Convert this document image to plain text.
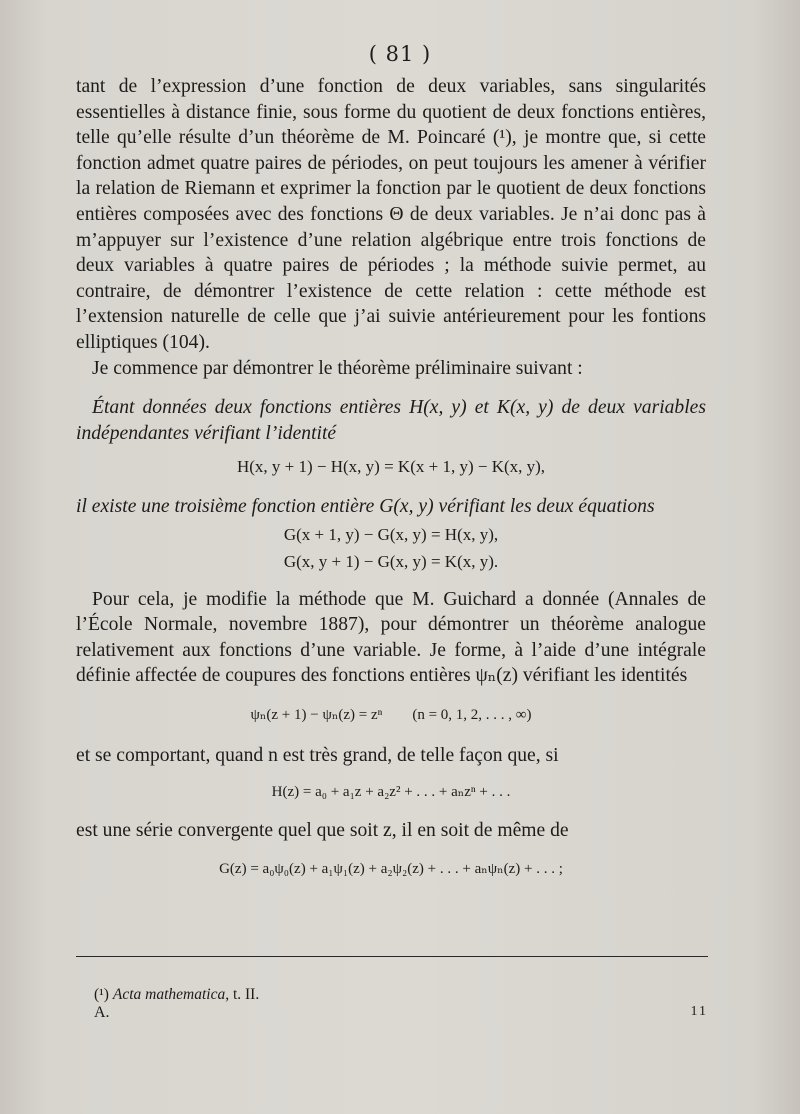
( 81 )

tant de l’expression d’une fonction de deux variables, sans singularités essentielles à distance finie, sous forme du quotient de deux fonctions entières, telle qu’elle résulte d’un théorème de M. Poincaré (¹), je montre que, si cette fonction admet quatre paires de périodes, on peut toujours les amener à vérifier la relation de Riemann et exprimer la fonction par le quotient de deux fonctions entières composées avec des fonctions Θ de deux variables. Je n’ai donc pas à m’appuyer sur l’existence d’une relation algébrique entre trois fonctions de deux variables à quatre paires de périodes ; la méthode suivie permet, au contraire, de démontrer l’existence de cette relation : cette méthode est l’extension naturelle de celle que j’ai suivie antérieurement pour les fontions elliptiques (104).

Je commence par démontrer le théorème préliminaire suivant :

Étant données deux fonctions entières H(x, y) et K(x, y) de deux variables indépendantes vérifiant l’identité

H(x, y + 1) − H(x, y) = K(x + 1, y) − K(x, y),

il existe une troisième fonction entière G(x, y) vérifiant les deux équations

G(x + 1, y) − G(x, y) = H(x, y),
G(x, y + 1) − G(x, y) = K(x, y).

Pour cela, je modifie la méthode que M. Guichard a donnée (Annales de l’École Normale, novembre 1887), pour démontrer un théorème analogue relativement aux fonctions d’une variable. Je forme, à l’aide d’une intégrale définie affectée de coupures des fonctions entières ψₙ(z) vérifiant les identités

ψₙ(z + 1) − ψₙ(z) = zⁿ        (n = 0, 1, 2, . . . , ∞)

et se comportant, quand n est très grand, de telle façon que, si

H(z) = a₀ + a₁z + a₂z² + . . . + aₙzⁿ + . . .

est une série convergente quel que soit z, il en soit de même de

G(z) = a₀ψ₀(z) + a₁ψ₁(z) + a₂ψ₂(z) + . . . + aₙψₙ(z) + . . . ;
(¹) Acta mathematica, t. II.
A.	11
